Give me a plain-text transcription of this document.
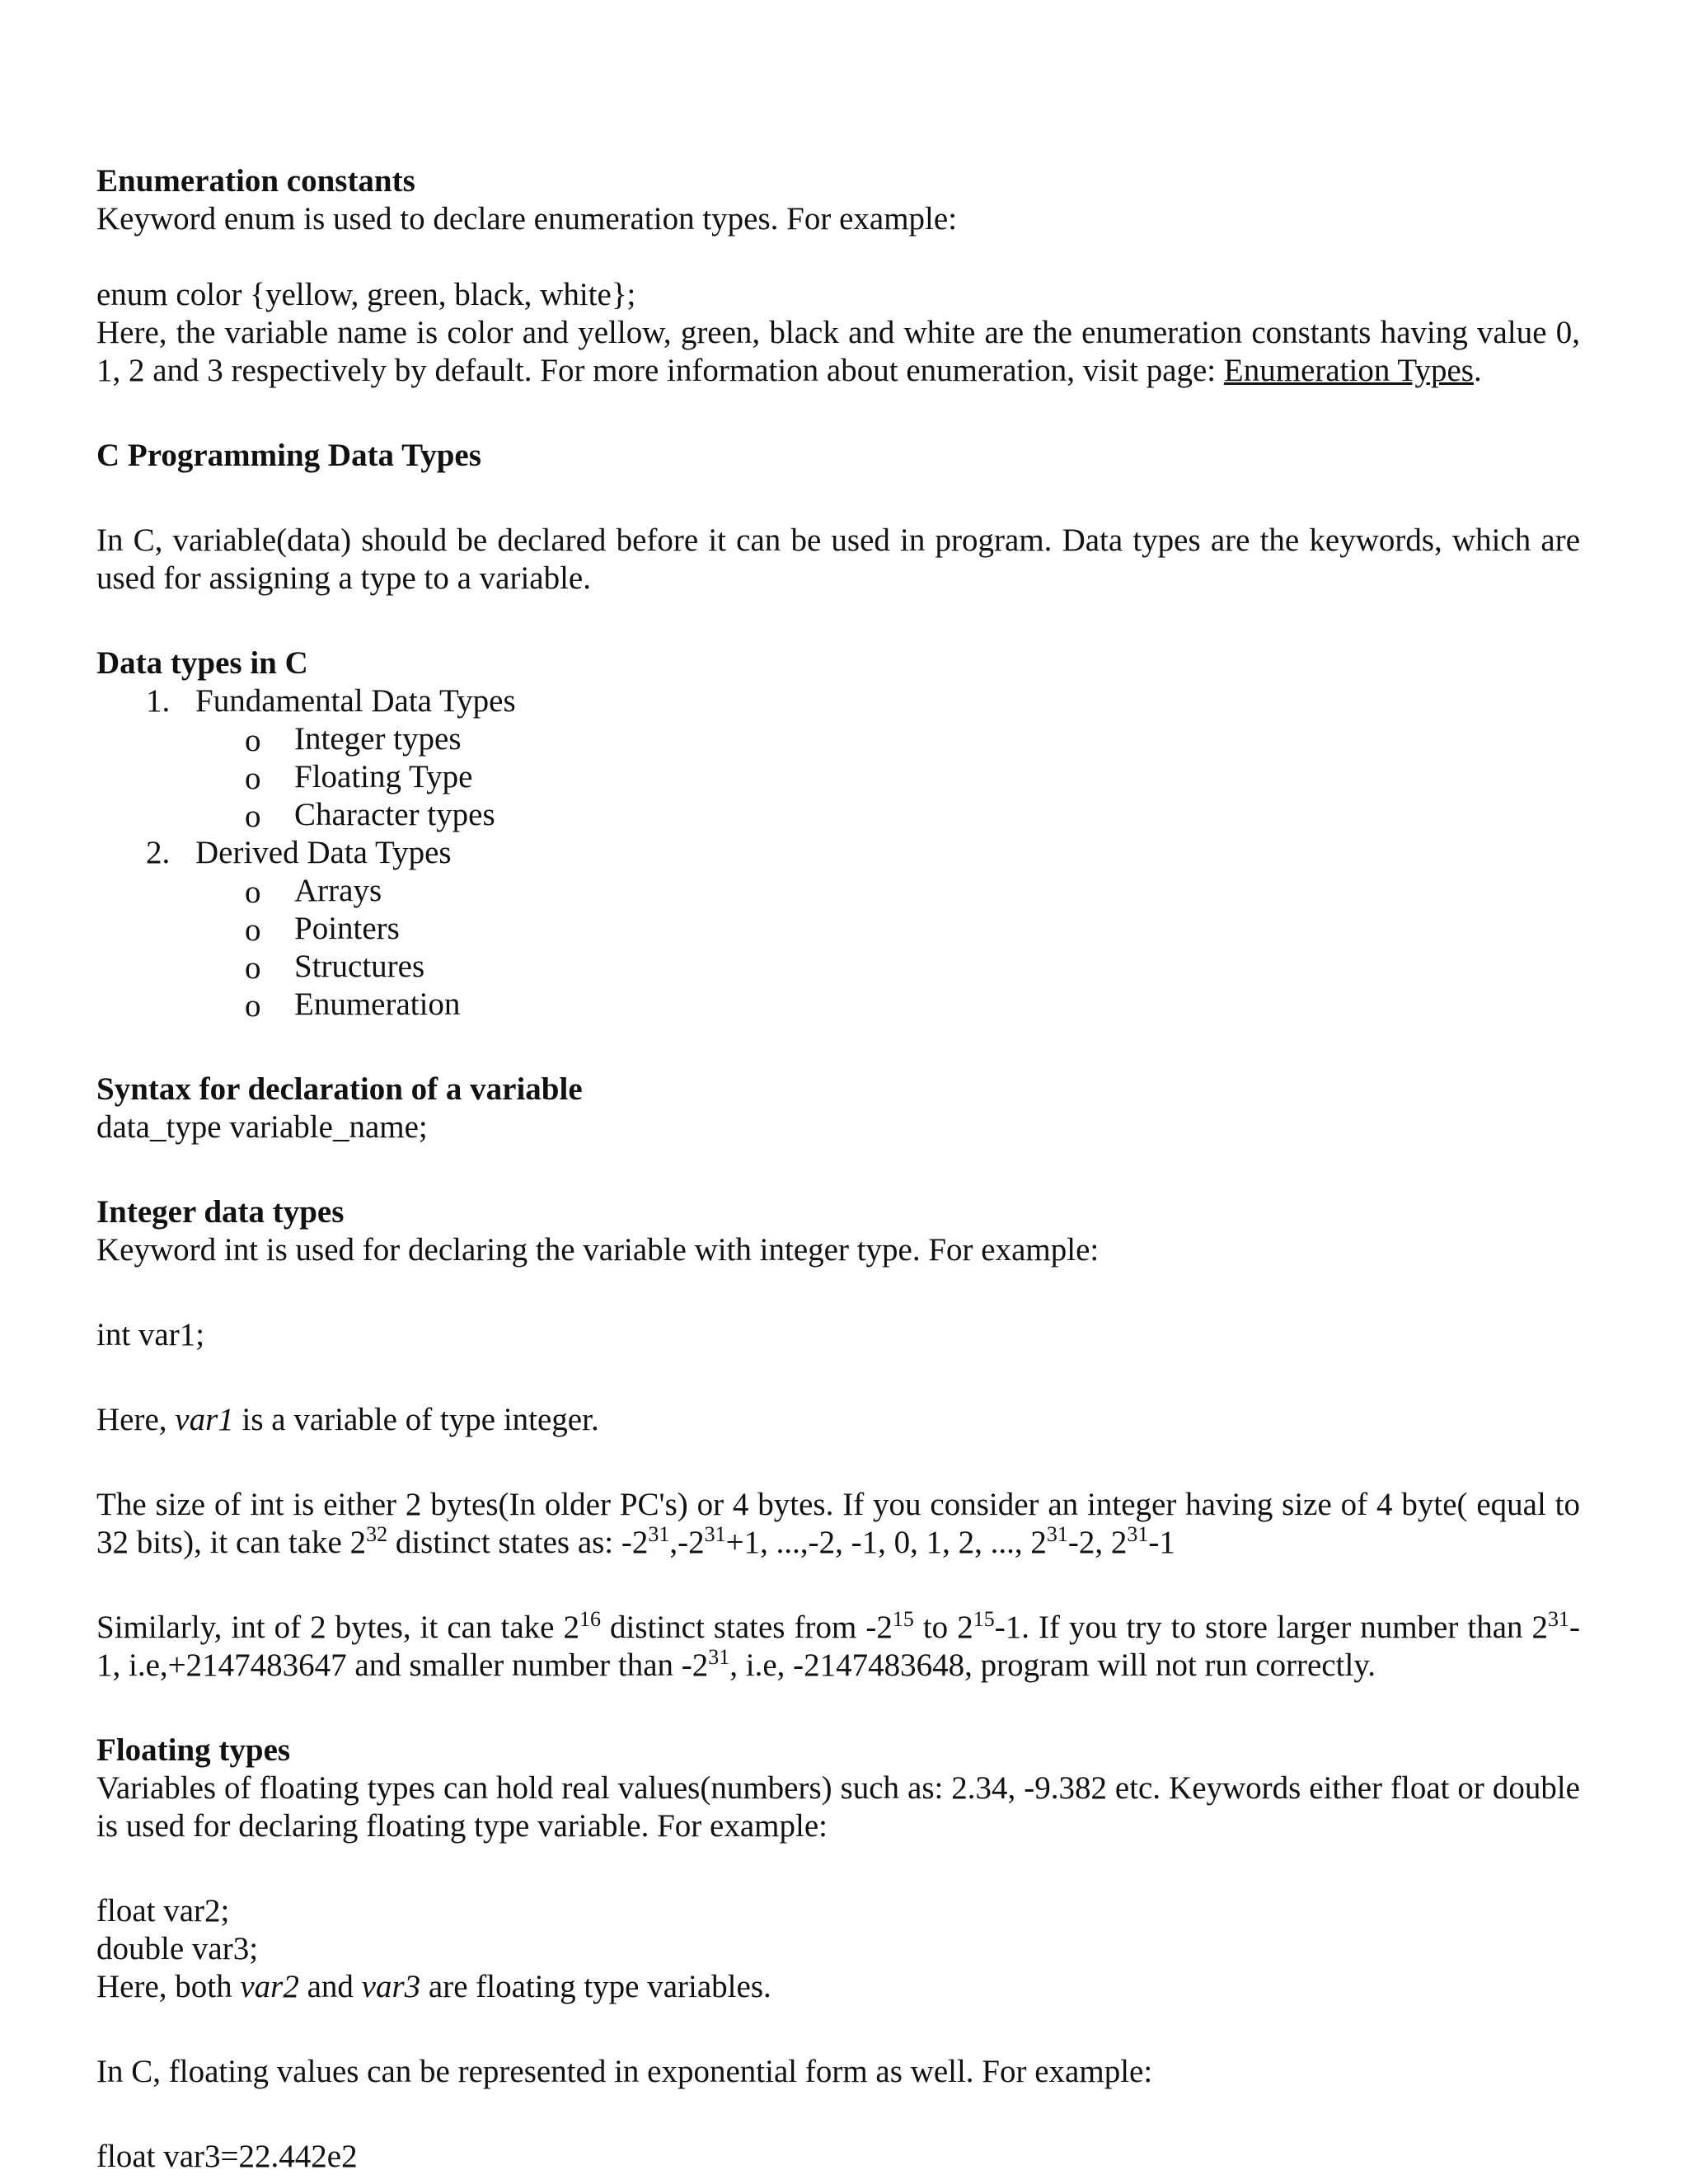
Enumeration constants
Keyword enum is used to declare enumeration types. For example:
enum color {yellow, green, black, white};
Here, the variable name is color and yellow, green, black and white are the enumeration constants having value 0, 1, 2 and 3 respectively by default. For more information about enumeration, visit page: Enumeration Types.
C Programming Data Types
In C, variable(data) should be declared before it can be used in program. Data types are the keywords, which are used for assigning a type to a variable.
Data types in C
1. Fundamental Data Types
o Integer types
o Floating Type
o Character types
2. Derived Data Types
o Arrays
o Pointers
o Structures
o Enumeration
Syntax for declaration of a variable
data_type variable_name;
Integer data types
Keyword int is used for declaring the variable with integer type. For example:
int var1;
Here, var1 is a variable of type integer.
The size of int is either 2 bytes(In older PC's) or 4 bytes. If you consider an integer having size of 4 byte( equal to 32 bits), it can take $2^{32}$ distinct states as: $-2^{31},-2^{31}+1$, ...,-2, -1, 0, 1, 2, ..., $2^{31}-2$, $2^{31}-1$
Similarly, int of 2 bytes, it can take $2^{16}$ distinct states from $-2^{15}$ to $2^{15}-1$. If you try to store larger number than $2^{31}-1$, i.e,+2147483647 and smaller number than $-2^{31}$, i.e, -2147483648, program will not run correctly.
Floating types
Variables of floating types can hold real values(numbers) such as: 2.34, -9.382 etc. Keywords either float or double is used for declaring floating type variable. For example:
float var2;
double var3;
Here, both var2 and var3 are floating type variables.
In C, floating values can be represented in exponential form as well. For example:
float var3=22.442e2
